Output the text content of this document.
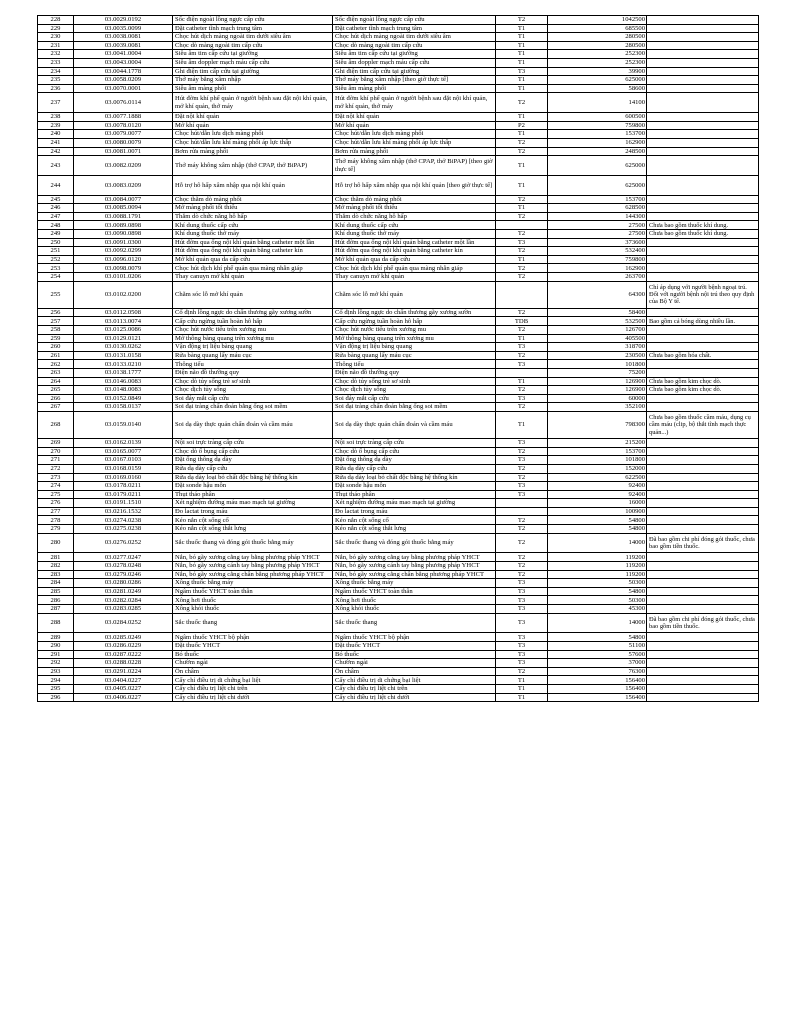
228	03.0029.0192	Sốc điện ngoài lồng ngực cấp cứu	Sốc điện ngoài lồng ngực cấp cứu	T2	1042500	
229	03.0035.0099	Đặt catheter tĩnh mạch trung tâm	Đặt catheter tĩnh mạch trung tâm	T1	685500	
230	03.0038.0081	Chọc hút dịch màng ngoài tim dưới siêu âm	Chọc hút dịch màng ngoài tim dưới siêu âm	T1	280500	
231	03.0039.0081	Chọc dò màng ngoài tim cấp cứu	Chọc dò màng ngoài tim cấp cứu	T1	280500	
232	03.0041.0004	Siêu âm tim cấp cứu tại giường	Siêu âm tim cấp cứu tại giường	T1	252300	
233	03.0043.0004	Siêu âm doppler mạch máu cấp cứu	Siêu âm doppler mạch máu cấp cứu	T1	252300	
234	03.0044.1778	Ghi điện tim cấp cứu tại giường	Ghi điện tim cấp cứu tại giường	T3	39900	
235	03.0058.0209	Thở máy bằng xâm nhập	Thở máy bằng xâm nhập [theo giờ thực tế]	T1	625000	
236	03.0070.0001	Siêu âm màng phổi	Siêu âm màng phổi	T1	58600	
237	03.0076.0114	Hút đờm khí phế quản ở người bệnh sau đặt nội khí quản, mở khí quản, thở máy	Hút đờm khí phế quản ở người bệnh sau đặt nội khí quản, mở khí quản, thở máy	T2	14100	
238	03.0077.1888	Đặt nội khí quản	Đặt nội khí quản	T1	600500	
239	03.0078.0120	Mở khí quản	Mở khí quản	P2	759800	
240	03.0079.0077	Chọc hút/dẫn lưu dịch màng phổi	Chọc hút/dẫn lưu dịch màng phổi	T1	153700	
241	03.0080.0079	Chọc hút/dẫn lưu khí màng phổi áp lực thấp	Chọc hút/dẫn lưu khí màng phổi áp lực thấp	T2	162900	
242	03.0081.0071	Bơm rửa màng phổi	Bơm rửa màng phổi	T2	248500	
243	03.0082.0209	Thở máy không xâm nhập (thở CPAP, thở BiPAP)	Thở máy không xâm nhập (thở CPAP, thở BiPAP) [theo giờ thực tế]	T1	625000	
244	03.0083.0209	Hỗ trợ hô hấp xâm nhập qua nội khí quản	Hỗ trợ hô hấp xâm nhập qua nội khí quản [theo giờ thực tế]	T1	625000	
245	03.0084.0077	Chọc thăm dò màng phổi	Chọc thăm dò màng phổi	T2	153700	
246	03.0085.0094	Mở màng phổi tối thiểu	Mở màng phổi tối thiểu	T1	628500	
247	03.0088.1791	Thăm dò chức năng hô hấp	Thăm dò chức năng hô hấp	T2	144300	
248	03.0089.0898	Khí dung thuốc cấp cứu	Khí dung thuốc cấp cứu		27500	Chưa bao gồm thuốc khí dung.
249	03.0090.0898	Khí dung thuốc thở máy	Khí dung thuốc thở máy	T2	27500	Chưa bao gồm thuốc khí dung.
250	03.0091.0300	Hút đờm qua ống nội khí quản bằng catheter một lần	Hút đờm qua ống nội khí quản bằng catheter một lần	T3	373600	
251	03.0092.0299	Hút đờm qua ống nội khí quản bằng catheter kín	Hút đờm qua ống nội khí quản bằng catheter kín	T2	532400	
252	03.0096.0120	Mở khí quản qua da cấp cứu	Mở khí quản qua da cấp cứu	T1	759800	
253	03.0098.0079	Chọc hút dịch khí phế quản qua màng nhẫn giáp	Chọc hút dịch khí phế quản qua màng nhẫn giáp	T2	162900	
254	03.0101.0206	Thay canuyn mở khí quản	Thay canuyn mở khí quản	T2	263700	
255	03.0102.0200	Chăm sóc lỗ mở khí quản	Chăm sóc lỗ mở khí quản		64300	Chỉ áp dụng với người bệnh ngoại trú. Đối với người bệnh nội trú theo quy định của Bộ Y tế.
256	03.0112.0508	Cố định lồng ngực do chấn thương gãy xương sườn	Cố định lồng ngực do chấn thương gãy xương sườn	T2	58400	
257	03.0113.0074	Cấp cứu ngừng tuần hoàn hô hấp	Cấp cứu ngừng tuần hoàn hô hấp	TDB	532500	Bao gồm cả bóng dùng nhiều lần.
258	03.0125.0086	Chọc hút nước tiểu trên xương mu	Chọc hút nước tiểu trên xương mu	T2	126700	
259	03.0129.0121	Mở thông bàng quang trên xương mu	Mở thông bàng quang trên xương mu	T1	405500	
260	03.0130.0262	Vận động trị liệu bàng quang	Vận động trị liệu bàng quang	T3	318700	
261	03.0131.0158	Rửa bàng quang lấy máu cục	Rửa bàng quang lấy máu cục	T2	230500	Chưa bao gồm hóa chất.
262	03.0133.0210	Thông tiểu	Thông tiểu	T3	101800	
263	03.0138.1777	Điện não đồ thường quy	Điện não đồ thường quy		75200	
264	03.0146.0083	Chọc dò tủy sống trẻ sơ sinh	Chọc dò tủy sống trẻ sơ sinh	T1	126900	Chưa bao gồm kim chọc dò.
265	03.0148.0083	Chọc dịch tủy sống	Chọc dịch tủy sống	T2	126900	Chưa bao gồm kim chọc dò.
266	03.0152.0849	Soi đáy mắt cấp cứu	Soi đáy mắt cấp cứu	T3	60000	
267	03.0158.0137	Soi đại tràng chẩn đoán bằng ống soi mềm	Soi đại tràng chẩn đoán bằng ống soi mềm	T2	352100	
268	03.0159.0140	Soi dạ dày thực quản chẩn đoán và cầm máu	Soi dạ dày thực quản chẩn đoán và cầm máu	T1	798300	Chưa bao gồm thuốc cầm máu, dụng cụ cầm máu (clip, bộ thắt tĩnh mạch thực quản...)
269	03.0162.0139	Nội soi trực tràng cấp cứu	Nội soi trực tràng cấp cứu	T3	215200	
270	03.0165.0077	Chọc dò ổ bụng cấp cứu	Chọc dò ổ bụng cấp cứu	T2	153700	
271	03.0167.0103	Đặt ống thông dạ dày	Đặt ống thông dạ dày	T3	101800	
272	03.0168.0159	Rửa dạ dày cấp cứu	Rửa dạ dày cấp cứu	T2	152000	
273	03.0169.0160	Rửa dạ dày loại bỏ chất độc bằng hệ thống kín	Rửa dạ dày loại bỏ chất độc bằng hệ thống kín	T2	622500	
274	03.0178.0211	Đặt sonde hậu môn	Đặt sonde hậu môn	T3	92400	
275	03.0179.0211	Thụt tháo phân	Thụt tháo phân	T3	92400	
276	03.0191.1510	Xét nghiệm đường máu mao mạch tại giường	Xét nghiệm đường máu mao mạch tại giường		16000	
277	03.0216.1532	Đo lactat trong máu	Đo lactat trong máu		100900	
278	03.0274.0238	Kéo nắn cột sống cổ	Kéo nắn cột sống cổ	T2	54800	
279	03.0275.0238	Kéo nắn cột sống thắt lưng	Kéo nắn cột sống thắt lưng	T2	54800	
280	03.0276.0252	Sắc thuốc thang và đóng gói thuốc bằng máy	Sắc thuốc thang và đóng gói thuốc bằng máy	T2	14000	Đã bao gồm chi phí đóng gói thuốc, chưa bao gồm tiền thuốc.
281	03.0277.0247	Nắn, bó gãy xương cẳng tay bằng phương pháp YHCT	Nắn, bó gãy xương cẳng tay bằng phương pháp YHCT	T2	119200	
282	03.0278.0248	Nắn, bó gãy xương cánh tay bằng phương pháp YHCT	Nắn, bó gãy xương cánh tay bằng phương pháp YHCT	T2	119200	
283	03.0279.0246	Nắn, bó gãy xương cẳng chân bằng phương pháp YHCT	Nắn, bó gãy xương cẳng chân bằng phương pháp YHCT	T2	119200	
284	03.0280.0286	Xông thuốc bằng máy	Xông thuốc bằng máy	T3	50300	
285	03.0281.0249	Ngâm thuốc YHCT toàn thân	Ngâm thuốc YHCT toàn thân	T3	54800	
286	03.0282.0284	Xông hơi thuốc	Xông hơi thuốc	T3	50300	
287	03.0283.0285	Xông khói thuốc	Xông khói thuốc	T3	45300	
288	03.0284.0252	Sắc thuốc thang	Sắc thuốc thang	T3	14000	Đã bao gồm chi phí đóng gói thuốc, chưa bao gồm tiền thuốc.
289	03.0285.0249	Ngâm thuốc YHCT bộ phận	Ngâm thuốc YHCT bộ phận	T3	54800	
290	03.0286.0229	Đặt thuốc YHCT	Đặt thuốc YHCT	T3	51100	
291	03.0287.0222	Bó thuốc	Bó thuốc	T3	57600	
292	03.0288.0228	Chườm ngải	Chườm ngải	T3	37000	
293	03.0291.0224	Ôn châm	Ôn châm	T2	76300	
294	03.0404.0227	Cấy chỉ điều trị di chứng bại liệt	Cấy chỉ điều trị di chứng bại liệt	T1	156400	
295	03.0405.0227	Cấy chỉ điều trị liệt chi trên	Cấy chỉ điều trị liệt chi trên	T1	156400	
296	03.0406.0227	Cấy chỉ điều trị liệt chi dưới	Cấy chỉ điều trị liệt chi dưới	T1	156400	
